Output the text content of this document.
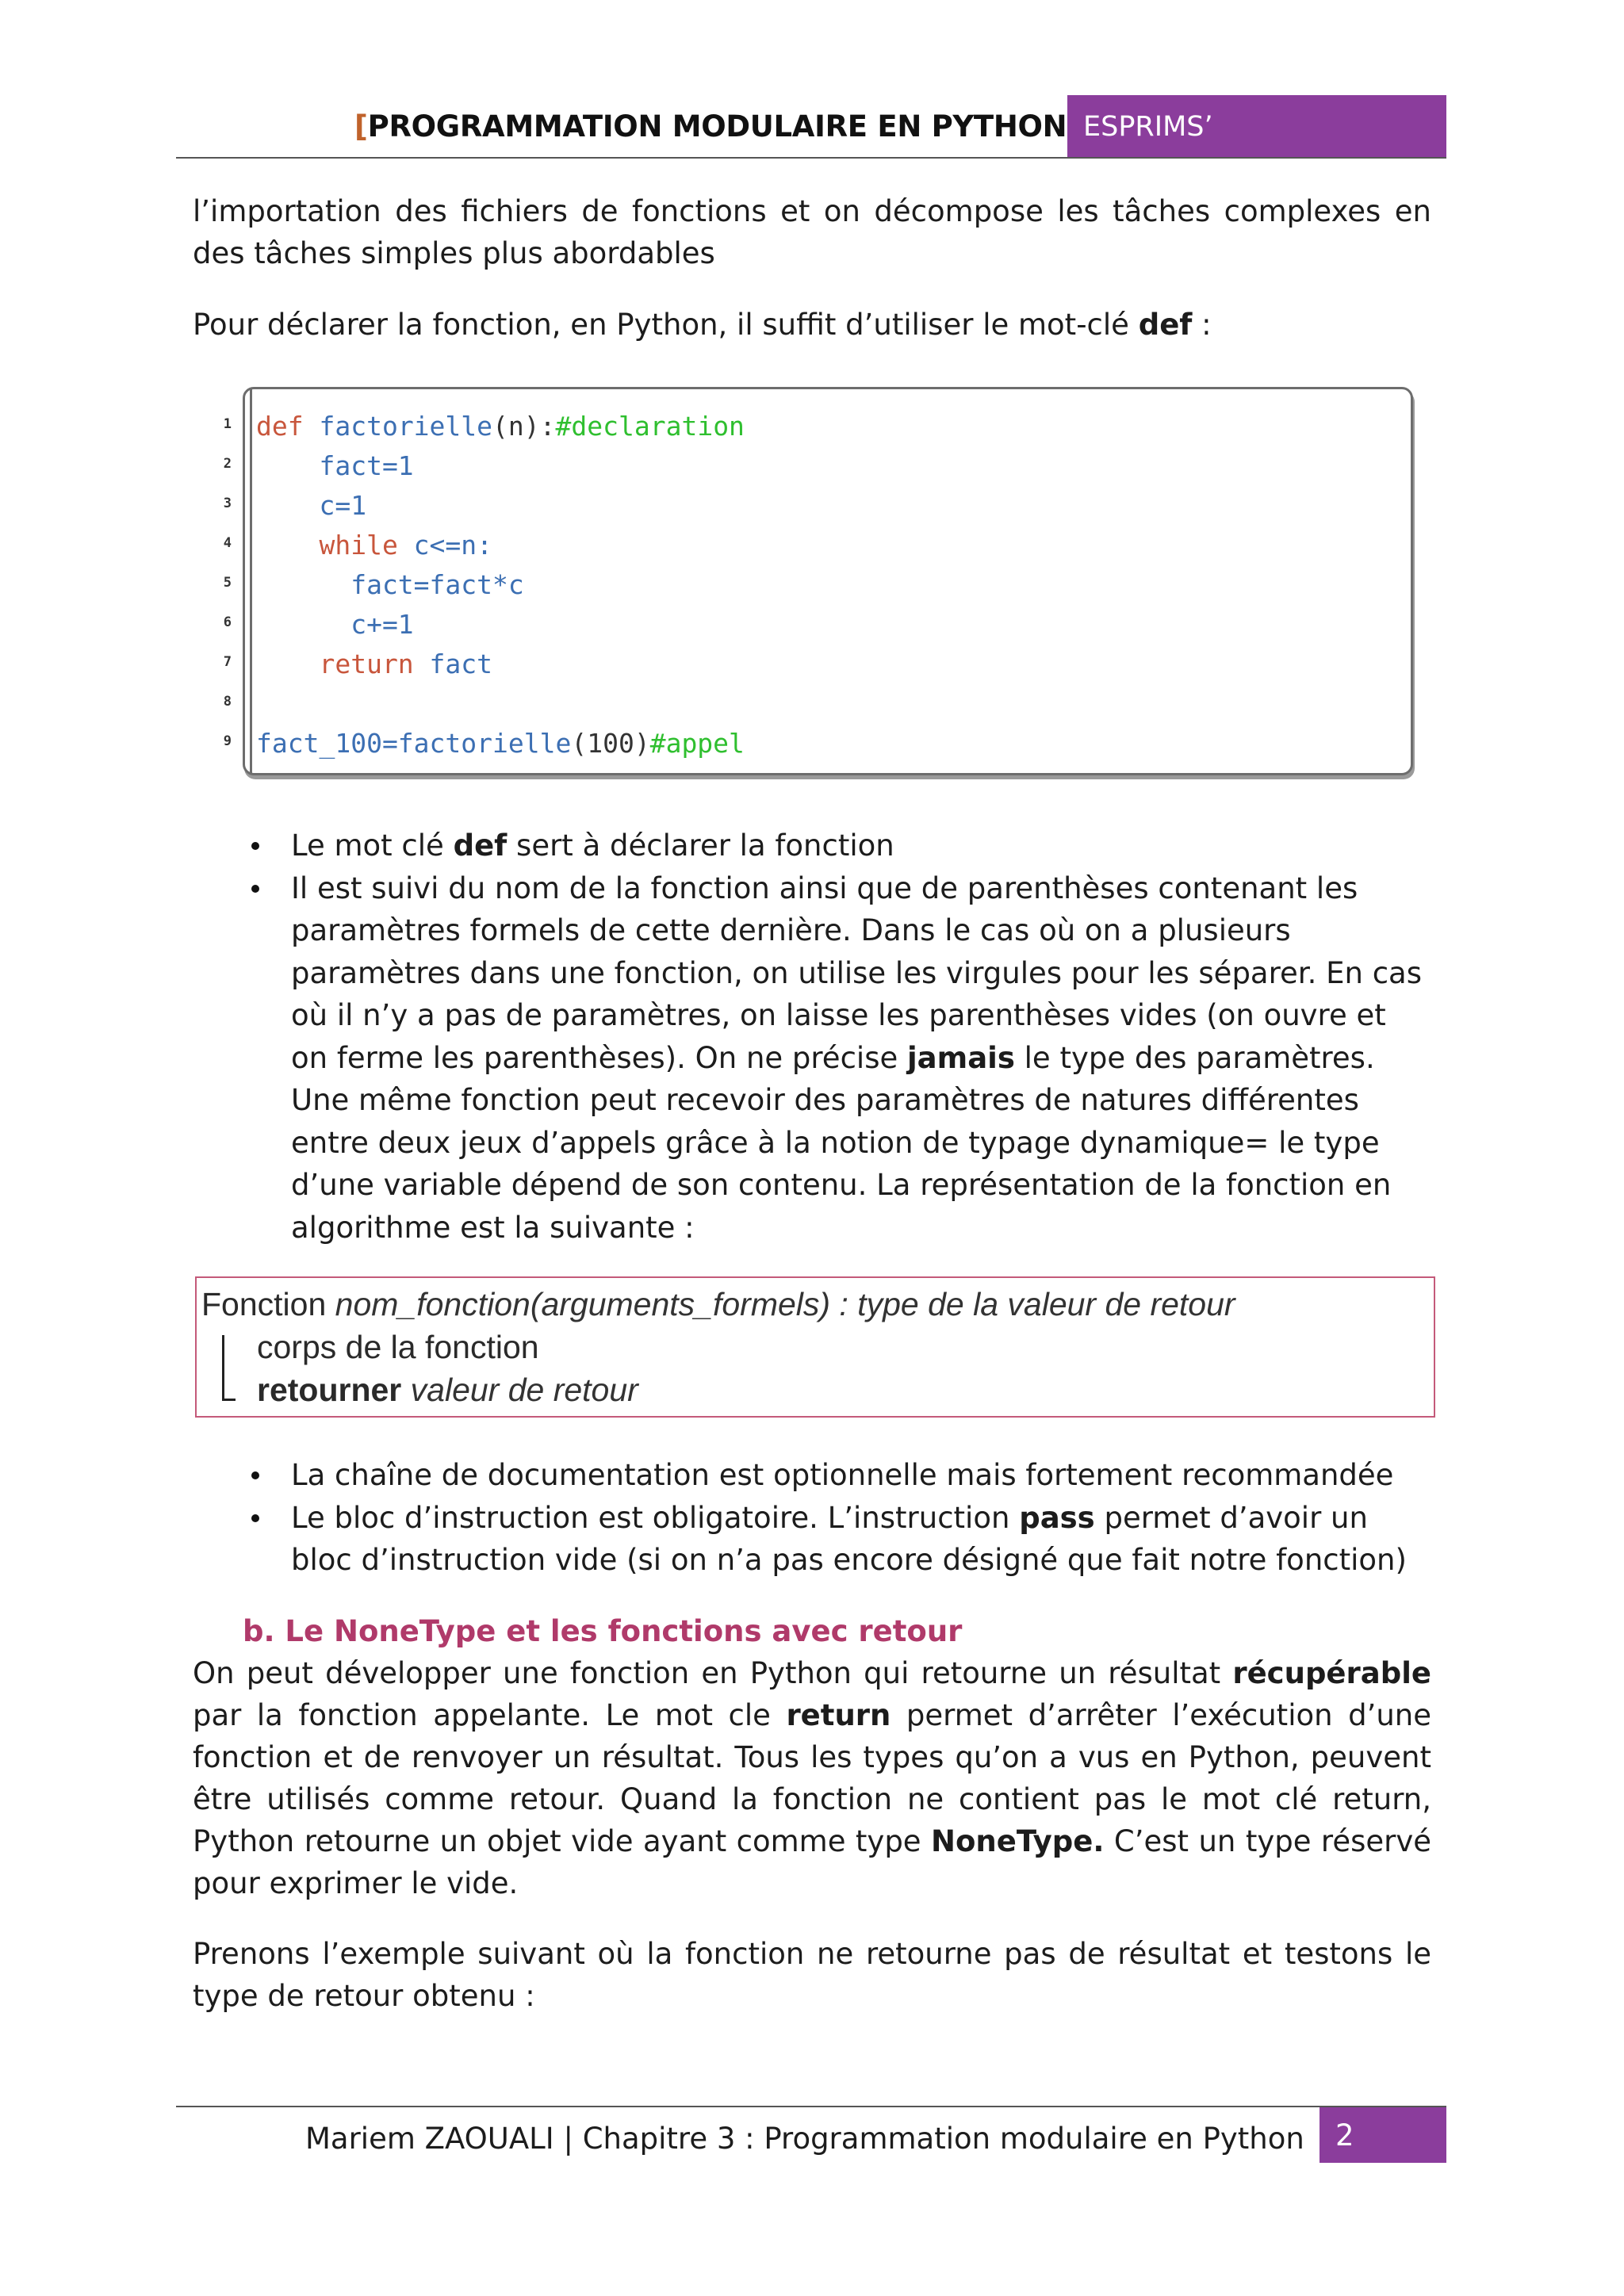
[PROGRAMMATION MODULAIRE EN PYTHON ESPRIMS’
l’importation des fichiers de fonctions et on décompose les tâches complexes en des tâches simples plus abordables
Pour déclarer la fonction, en Python, il suffit d’utiliser le mot-clé def :
1
2
3
4
5
6
7
8
9
def factorielle(n):#declaration
fact=1
c=1
while c<=n:
fact=fact*c
c+=1
return fact
fact_100=factorielle(100)#appel
Le mot clé def sert à déclarer la fonction
Il est suivi du nom de la fonction ainsi que de parenthèses contenant les paramètres formels de cette dernière. Dans le cas où on a plusieurs paramètres dans une fonction, on utilise les virgules pour les séparer. En cas où il n’y a pas de paramètres, on laisse les parenthèses vides (on ouvre et on ferme les parenthèses). On ne précise jamais le type des paramètres. Une même fonction peut recevoir des paramètres de natures différentes entre deux jeux d’appels grâce à la notion de typage dynamique= le type d’une variable dépend de son contenu. La représentation de la fonction en algorithme est la suivante :
Fonction nom_fonction(arguments_formels) : type de la valeur de retour
corps de la fonction
retourner valeur de retour
La chaîne de documentation est optionnelle mais fortement recommandée
Le bloc d’instruction est obligatoire. L’instruction pass permet d’avoir un bloc d’instruction vide (si on n’a pas encore désigné que fait notre fonction)
b. Le NoneType et les fonctions avec retour
On peut développer une fonction en Python qui retourne un résultat récupérable par la fonction appelante. Le mot cle return permet d’arrêter l’exécution d’une fonction et de renvoyer un résultat. Tous les types qu’on a vus en Python, peuvent être utilisés comme retour. Quand la fonction ne contient pas le mot clé return, Python retourne un objet vide ayant comme type NoneType. C’est un type réservé pour exprimer le vide.
Prenons l’exemple suivant où la fonction ne retourne pas de résultat et testons le type de retour obtenu :
Mariem ZAOUALI | Chapitre 3 : Programmation modulaire en Python	2
